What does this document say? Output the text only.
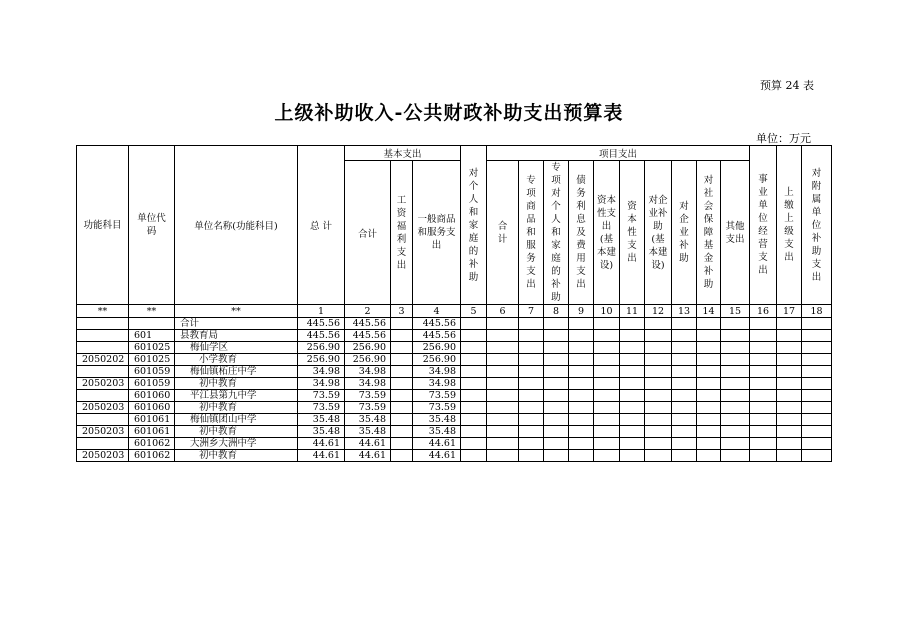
预算 24 表
上级补助收入-公共财政补助支出预算表
单位：万元
功能科目	单位代码	单位名称(功能科目)	总 计	基本支出			对个人和家庭的补助	项目支出										事业单位经营支出	上缴上级支出	对附属单位补助支出
				合计	工资福利支出	一般商品和服务支出		合计	专项商品和服务支出	专项对个人和家庭的补助	债务利息及费用支出	资本性支出(基本建设)	资本性支出	对企业补助(基本建设)	对企业补助	对社会保障基金补助	其他支出			
**	**	**	1	2	3	4	5	6	7	8	9	10	11	12	13	14	15	16	17	18
		合计	445.56	445.56		445.56														
	601	县教育局	445.56	445.56		445.56														
	601025	梅仙学区	256.90	256.90		256.90														
2050202	601025	小学教育	256.90	256.90		256.90														
	601059	梅仙镇柘庄中学	34.98	34.98		34.98														
2050203	601059	初中教育	34.98	34.98		34.98														
	601060	平江县第九中学	73.59	73.59		73.59														
2050203	601060	初中教育	73.59	73.59		73.59														
	601061	梅仙镇团山中学	35.48	35.48		35.48														
2050203	601061	初中教育	35.48	35.48		35.48														
	601062	大洲乡大洲中学	44.61	44.61		44.61														
2050203	601062	初中教育	44.61	44.61		44.61														
